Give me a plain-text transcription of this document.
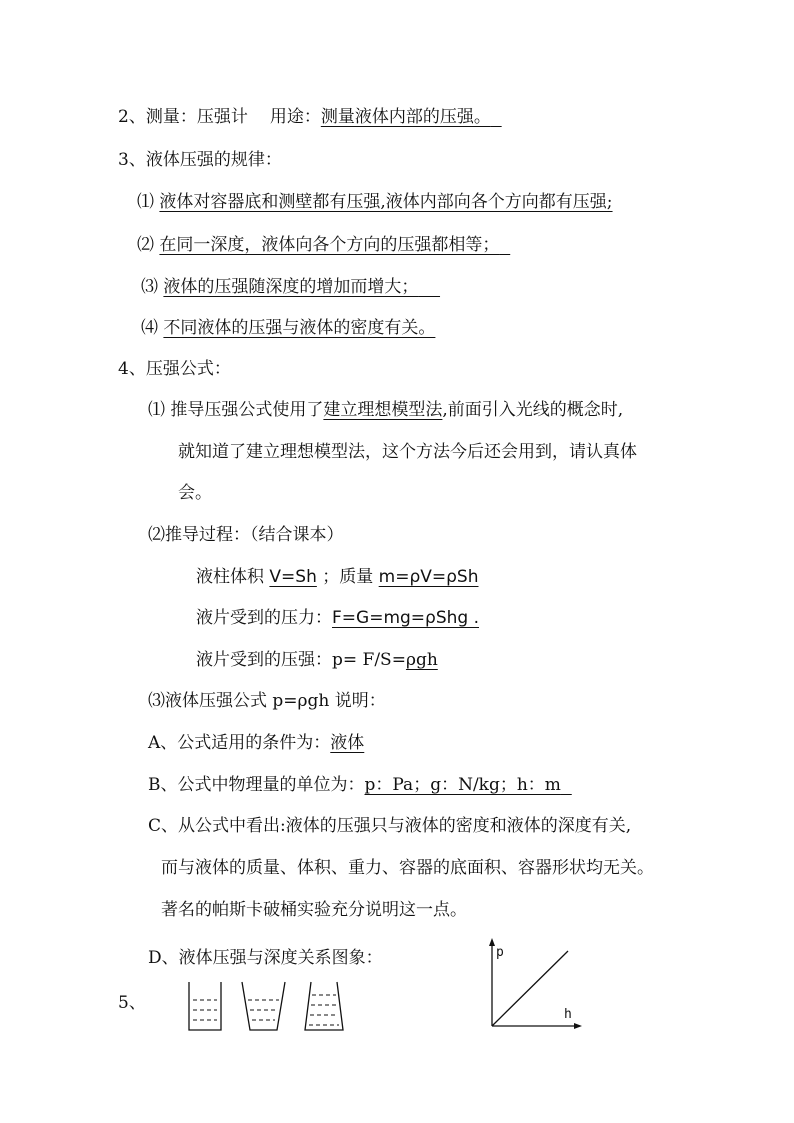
2、测量：压强计 用途：测量液体内部的压强。
3、液体压强的规律：
⑴ 液体对容器底和测壁都有压强,液体内部向各个方向都有压强;
⑵ 在同一深度，液体向各个方向的压强都相等；
⑶ 液体的压强随深度的增加而增大；
⑷ 不同液体的压强与液体的密度有关。
4、压强公式：
⑴ 推导压强公式使用了建立理想模型法,前面引入光线的概念时,
就知道了建立理想模型法，这个方法今后还会用到，请认真体
会。
⑵推导过程：（结合课本）
液柱体积 V=Sh ；质量 m=ρV=ρSh
液片受到的压力：F=G=mg=ρShg .
液片受到的压强：p= F/S=ρgh
⑶液体压强公式 p=ρgh 说明：
A、公式适用的条件为：液体
B、公式中物理量的单位为：p：Pa；g：N/kg；h：m
C、从公式中看出:液体的压强只与液体的密度和液体的深度有关,
而与液体的质量、体积、重力、容器的底面积、容器形状均无关。
著名的帕斯卡破桶实验充分说明这一点。
D、液体压强与深度关系图象：
5、
p
h
